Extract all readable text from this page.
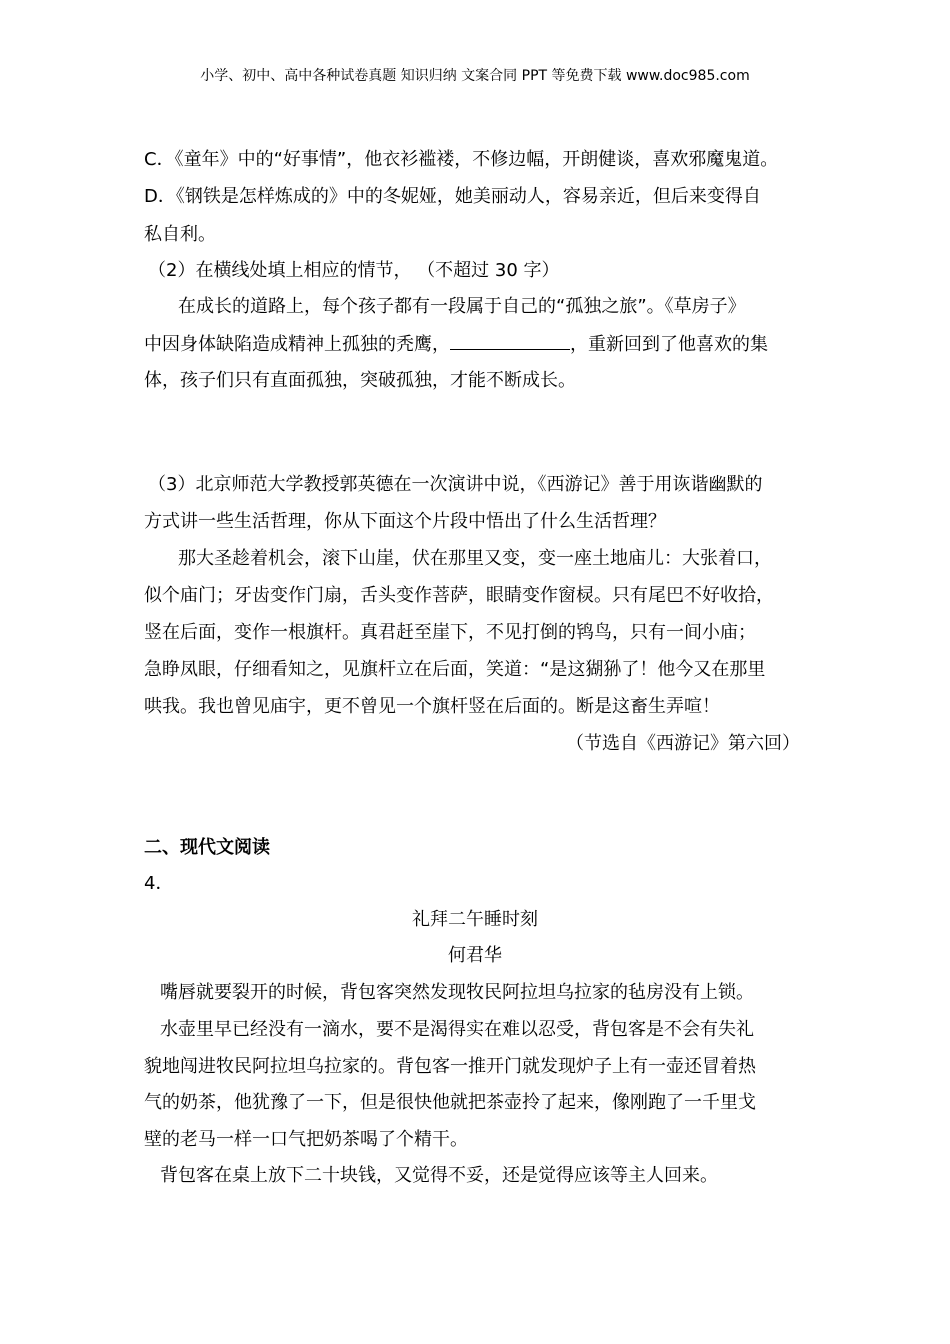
小学、初中、高中各种试卷真题 知识归纳 文案合同 PPT 等免费下载 www.doc985.com
C．《童年》中的“好事情”，他衣衫褴褛，不修边幅，开朗健谈，喜欢邪魔鬼道。
D．《钢铁是怎样炼成的》中的冬妮娅，她美丽动人，容易亲近，但后来变得自
私自利。
（2）在横线处填上相应的情节， （不超过 30 字）
在成长的道路上，每个孩子都有一段属于自己的“孤独之旅”。《草房子》
中因身体缺陷造成精神上孤独的秃鹰，	，重新回到了他喜欢的集
体，孩子们只有直面孤独，突破孤独，才能不断成长。
（3）北京师范大学教授郭英德在一次演讲中说，《西游记》善于用诙谐幽默的
方式讲一些生活哲理，你从下面这个片段中悟出了什么生活哲理？
那大圣趁着机会，滚下山崖，伏在那里又变，变一座土地庙儿：大张着口，
似个庙门；牙齿变作门扇，舌头变作菩萨，眼睛变作窗棂。只有尾巴不好收拾，
竖在后面，变作一根旗杆。真君赶至崖下，不见打倒的鸨鸟，只有一间小庙；
急睁凤眼，仔细看知之，见旗杆立在后面，笑道：“是这猢狲了！他今又在那里
哄我。我也曾见庙宇，更不曾见一个旗杆竖在后面的。断是这畜生弄喧！
（节选自《西游记》第六回）
二、现代文阅读
4．
礼拜二午睡时刻
何君华
嘴唇就要裂开的时候，背包客突然发现牧民阿拉坦乌拉家的毡房没有上锁。
水壶里早已经没有一滴水，要不是渴得实在难以忍受，背包客是不会有失礼
貌地闯进牧民阿拉坦乌拉家的。背包客一推开门就发现炉子上有一壶还冒着热
气的奶茶，他犹豫了一下，但是很快他就把茶壶拎了起来，像刚跑了一千里戈
壁的老马一样一口气把奶茶喝了个精干。
背包客在桌上放下二十块钱，又觉得不妥，还是觉得应该等主人回来。
